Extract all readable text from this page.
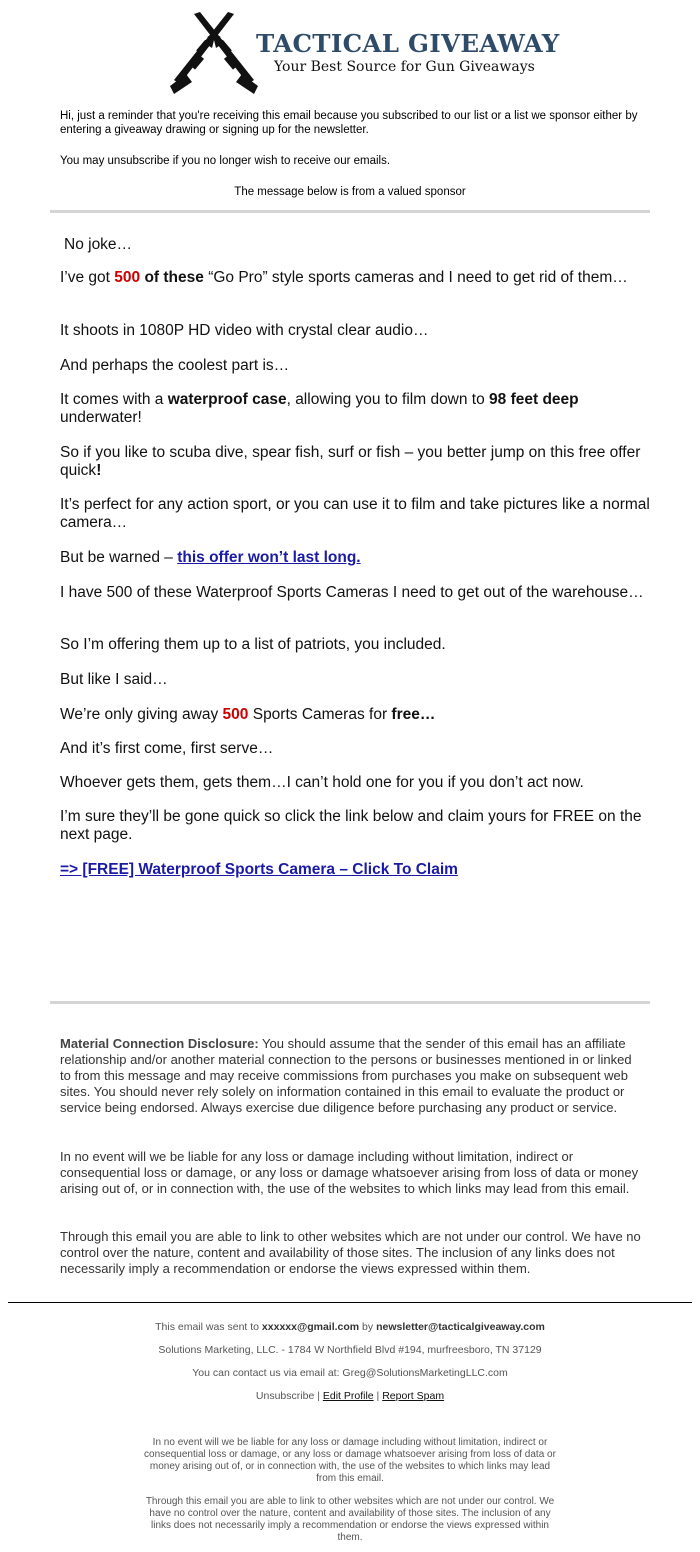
TACTICAL GIVEAWAY
Your Best Source for Gun Giveaways
Hi, just a reminder that you're receiving this email because you subscribed to our list or a list we sponsor either by entering a giveaway drawing or signing up for the newsletter.
You may unsubscribe if you no longer wish to receive our emails.
The message below is from a valued sponsor
No joke…
I’ve got 500 of these “Go Pro” style sports cameras and I need to get rid of them…
It shoots in 1080P HD video with crystal clear audio…
And perhaps the coolest part is…
It comes with a waterproof case, allowing you to film down to 98 feet deep underwater!
So if you like to scuba dive, spear fish, surf or fish – you better jump on this free offer quick!
It’s perfect for any action sport, or you can use it to film and take pictures like a normal camera…
But be warned – this offer won’t last long.
I have 500 of these Waterproof Sports Cameras I need to get out of the warehouse…
So I’m offering them up to a list of patriots, you included.
But like I said…
We’re only giving away 500 Sports Cameras for free…
And it’s first come, first serve…
Whoever gets them, gets them…I can’t hold one for you if you don’t act now.
I’m sure they’ll be gone quick so click the link below and claim yours for FREE on the next page.
=> [FREE] Waterproof Sports Camera – Click To Claim
Material Connection Disclosure: You should assume that the sender of this email has an affiliate relationship and/or another material connection to the persons or businesses mentioned in or linked to from this message and may receive commissions from purchases you make on subsequent web sites. You should never rely solely on information contained in this email to evaluate the product or service being endorsed. Always exercise due diligence before purchasing any product or service.
In no event will we be liable for any loss or damage including without limitation, indirect or consequential loss or damage, or any loss or damage whatsoever arising from loss of data or money arising out of, or in connection with, the use of the websites to which links may lead from this email.
Through this email you are able to link to other websites which are not under our control. We have no control over the nature, content and availability of those sites. The inclusion of any links does not necessarily imply a recommendation or endorse the views expressed within them.
This email was sent to xxxxxx@gmail.com by newsletter@tacticalgiveaway.com
Solutions Marketing, LLC. - 1784 W Northfield Blvd #194, murfreesboro, TN 37129
You can contact us via email at: Greg@SolutionsMarketingLLC.com
Unsubscribe | Edit Profile | Report Spam
In no event will we be liable for any loss or damage including without limitation, indirect or consequential loss or damage, or any loss or damage whatsoever arising from loss of data or money arising out of, or in connection with, the use of the websites to which links may lead from this email.
Through this email you are able to link to other websites which are not under our control. We have no control over the nature, content and availability of those sites. The inclusion of any links does not necessarily imply a recommendation or endorse the views expressed within them.
